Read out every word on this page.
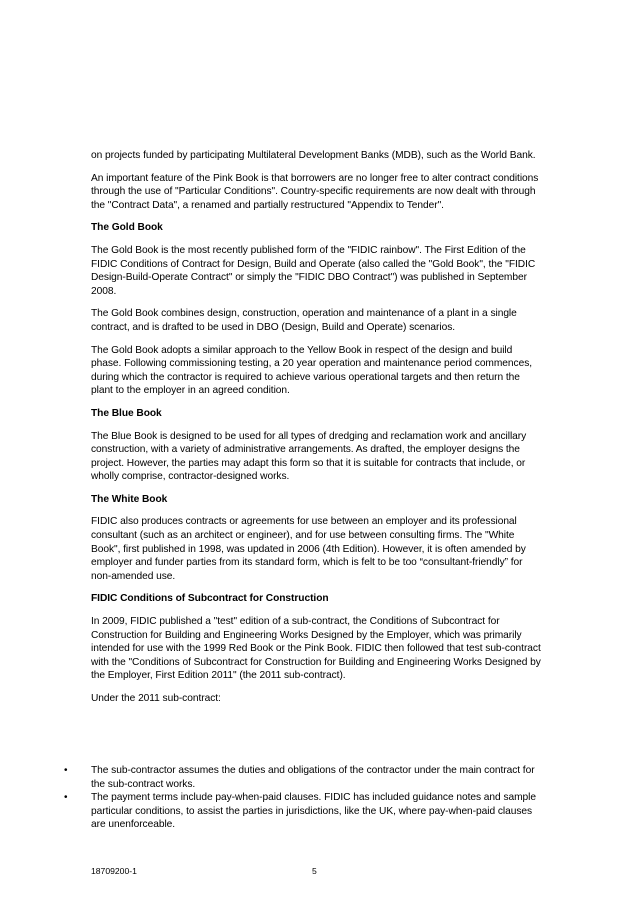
on projects funded by participating Multilateral Development Banks (MDB), such as the World Bank.

An important feature of the Pink Book is that borrowers are no longer free to alter contract conditions through the use of "Particular Conditions". Country-specific requirements are now dealt with through the "Contract Data", a renamed and partially restructured "Appendix to Tender".

The Gold Book

The Gold Book is the most recently published form of the "FIDIC rainbow". The First Edition of the FIDIC Conditions of Contract for Design, Build and Operate (also called the "Gold Book", the "FIDIC Design-Build-Operate Contract" or simply the "FIDIC DBO Contract") was published in September 2008.

The Gold Book combines design, construction, operation and maintenance of a plant in a single contract, and is drafted to be used in DBO (Design, Build and Operate) scenarios.

The Gold Book adopts a similar approach to the Yellow Book in respect of the design and build phase. Following commissioning testing, a 20 year operation and maintenance period commences, during which the contractor is required to achieve various operational targets and then return the plant to the employer in an agreed condition.

The Blue Book

The Blue Book is designed to be used for all types of dredging and reclamation work and ancillary construction, with a variety of administrative arrangements. As drafted, the employer designs the project. However, the parties may adapt this form so that it is suitable for contracts that include, or wholly comprise, contractor-designed works.

The White Book

FIDIC also produces contracts or agreements for use between an employer and its professional consultant (such as an architect or engineer), and for use between consulting firms. The "White Book", first published in 1998, was updated in 2006 (4th Edition). However, it is often amended by employer and funder parties from its standard form, which is felt to be too “consultant-friendly” for non-amended use.

FIDIC Conditions of Subcontract for Construction

In 2009, FIDIC published a "test" edition of a sub-contract, the Conditions of Subcontract for Construction for Building and Engineering Works Designed by the Employer, which was primarily intended for use with the 1999 Red Book or the Pink Book. FIDIC then followed that test sub-contract with the "Conditions of Subcontract for Construction for Building and Engineering Works Designed by the Employer, First Edition 2011" (the 2011 sub-contract).

Under the 2011 sub-contract:

• The sub-contractor assumes the duties and obligations of the contractor under the main contract for the sub-contract works.
• The payment terms include pay-when-paid clauses. FIDIC has included guidance notes and sample particular conditions, to assist the parties in jurisdictions, like the UK, where pay-when-paid clauses are unenforceable.
18709200-1	5
